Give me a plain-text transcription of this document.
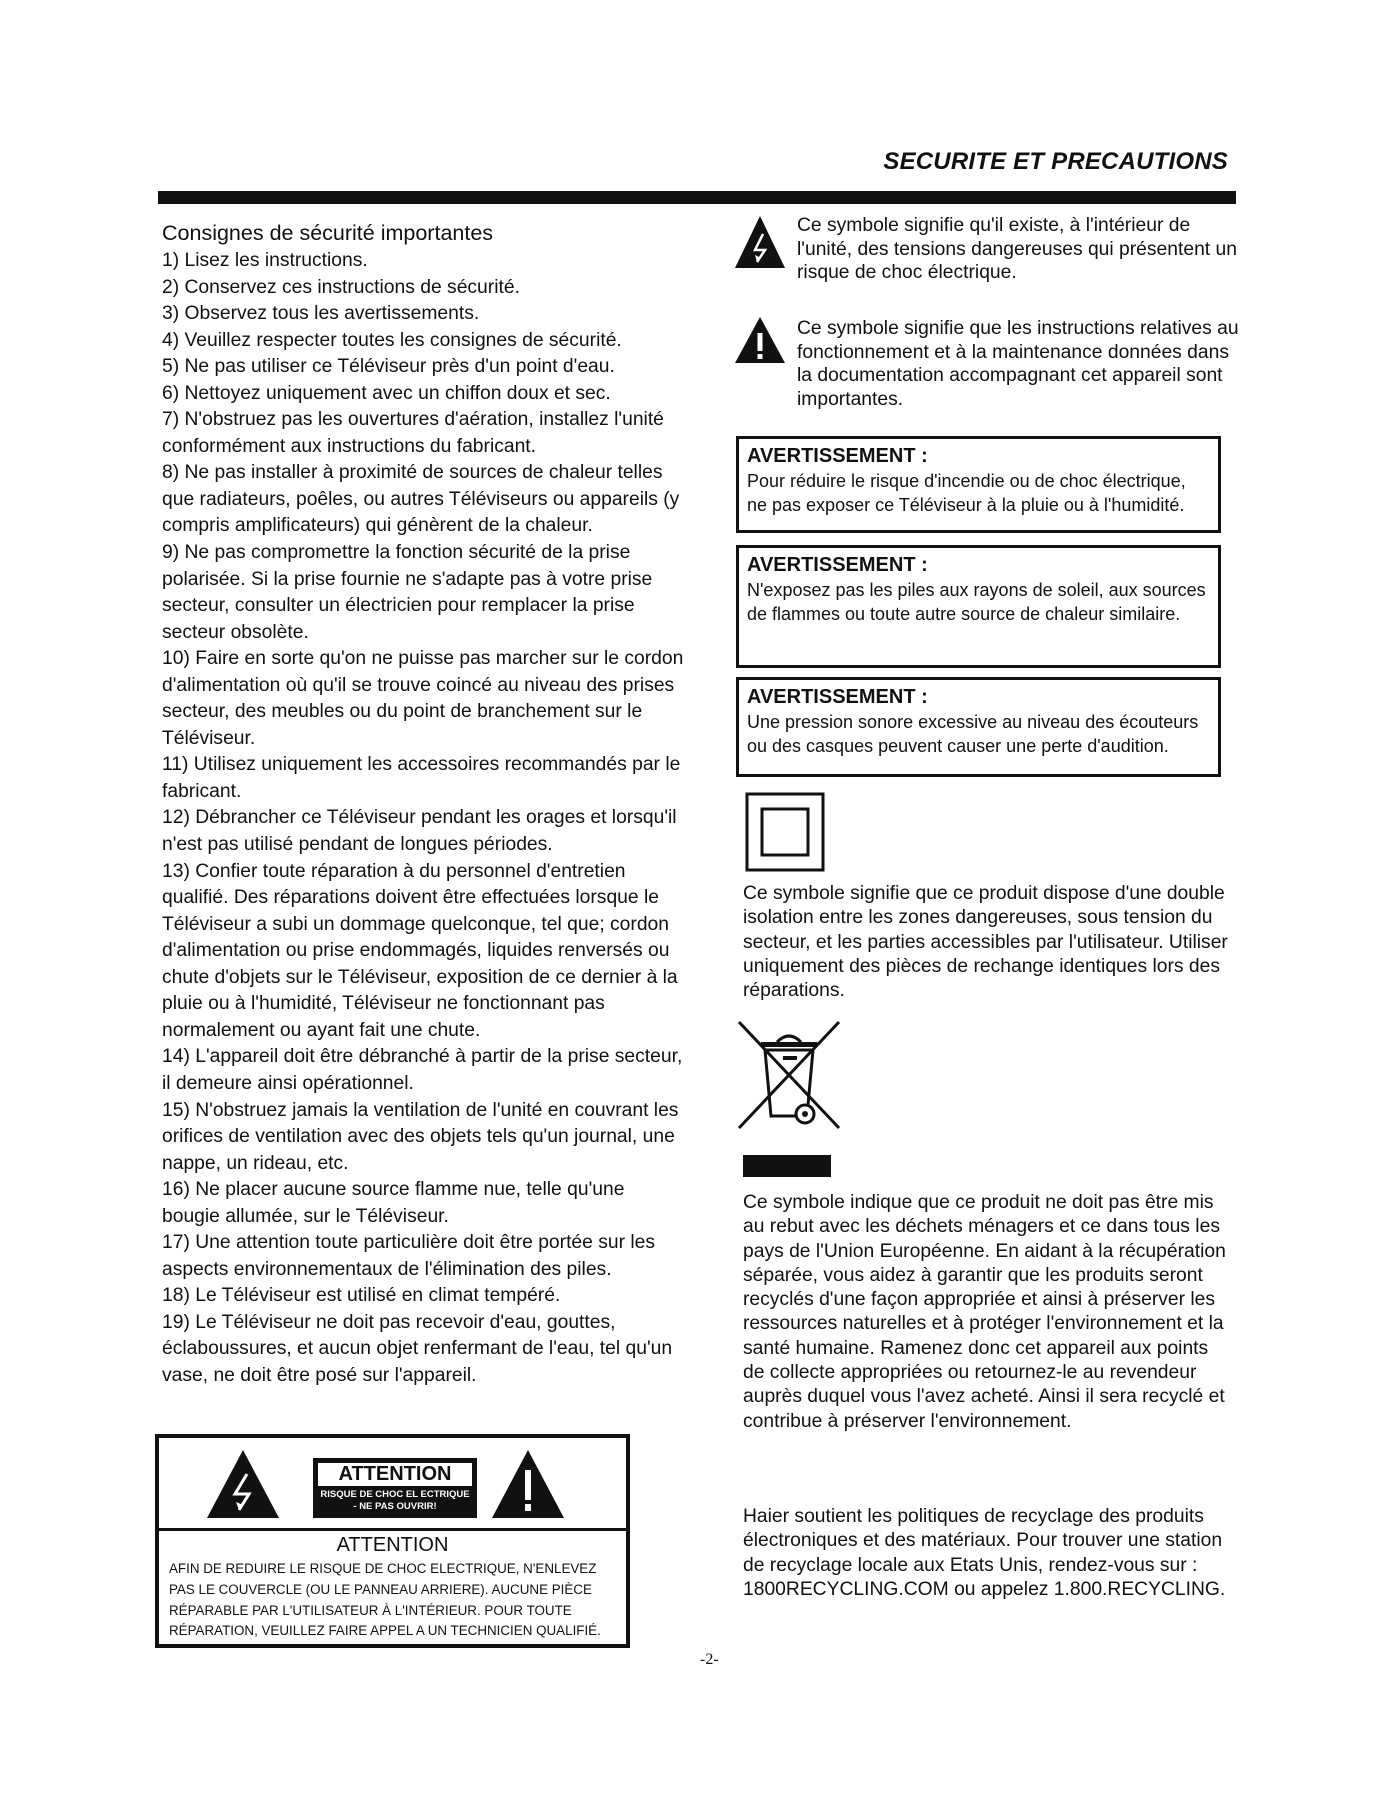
SECURITE ET PRECAUTIONS
Consignes de sécurité importantes
1) Lisez les instructions.
2) Conservez ces instructions de sécurité.
3) Observez tous les avertissements.
4) Veuillez respecter toutes les consignes de sécurité.
5) Ne pas utiliser ce Téléviseur près d'un point d'eau.
6) Nettoyez uniquement avec un chiffon doux et sec.
7) N'obstruez pas les ouvertures d'aération, installez l'unité conformément aux instructions du fabricant.
8) Ne pas installer à proximité de sources de chaleur telles que radiateurs, poêles, ou autres Téléviseurs ou appareils (y compris amplificateurs) qui génèrent de la chaleur.
9) Ne pas compromettre la fonction sécurité de la prise polarisée. Si la prise fournie ne s'adapte pas à votre prise secteur, consulter un électricien pour remplacer la prise secteur obsolète.
10) Faire en sorte qu'on ne puisse pas marcher sur le cordon d'alimentation où qu'il se trouve coincé au niveau des prises secteur, des meubles ou du point de branchement sur le Téléviseur.
11) Utilisez uniquement les accessoires recommandés par le fabricant.
12) Débrancher ce Téléviseur pendant les orages et lorsqu'il n'est pas utilisé pendant de longues périodes.
13) Confier toute réparation à du personnel d'entretien qualifié. Des réparations doivent être effectuées lorsque le Téléviseur a subi un dommage quelconque, tel que; cordon d'alimentation ou prise endommagés, liquides renversés ou chute d'objets sur le Téléviseur, exposition de ce dernier à la pluie ou à l'humidité, Téléviseur ne fonctionnant pas normalement ou ayant fait une chute.
14) L'appareil doit être débranché à partir de la prise secteur, il demeure ainsi opérationnel.
15) N'obstruez jamais la ventilation de l'unité en couvrant les orifices de ventilation avec des objets tels qu'un journal, une nappe, un rideau, etc.
16) Ne placer aucune source flamme nue, telle qu'une bougie allumée, sur le Téléviseur.
17) Une attention toute particulière doit être portée sur les aspects environnementaux de l'élimination des piles.
18) Le Téléviseur est utilisé en climat tempéré.
19) Le Téléviseur ne doit pas recevoir d'eau, gouttes, éclaboussures, et aucun objet renfermant de l'eau, tel qu'un vase, ne doit être posé sur l'appareil.
ATTENTION
RISQUE DE CHOC EL ECTRIQUE - NE PAS OUVRIR!
ATTENTION
AFIN DE REDUIRE LE RISQUE DE CHOC ELECTRIQUE, N'ENLEVEZ PAS LE COUVERCLE (OU LE PANNEAU ARRIERE). AUCUNE PIÈCE RÉPARABLE PAR L'UTILISATEUR À L'INTÉRIEUR. POUR TOUTE RÉPARATION, VEUILLEZ FAIRE APPEL A UN TECHNICIEN QUALIFIÉ.
Ce symbole signifie qu'il existe, à l'intérieur de l'unité, des tensions dangereuses qui présentent un risque de choc électrique.
Ce symbole signifie que les instructions relatives au fonctionnement et à la maintenance données dans la documentation accompagnant cet appareil sont importantes.
AVERTISSEMENT :
Pour réduire le risque d'incendie ou de choc électrique, ne pas exposer ce Téléviseur à la pluie ou à l'humidité.
AVERTISSEMENT :
N'exposez pas les piles aux rayons de soleil, aux sources de flammes ou toute autre source de chaleur similaire.
AVERTISSEMENT :
Une pression sonore excessive au niveau des écouteurs ou des casques peuvent causer une perte d'audition.
Ce symbole signifie que ce produit dispose d'une double isolation entre les zones dangereuses, sous tension du secteur, et les parties accessibles par l'utilisateur. Utiliser uniquement des pièces de rechange identiques lors des réparations.
Ce symbole indique que ce produit ne doit pas être mis au rebut avec les déchets ménagers et ce dans tous les pays de l'Union Européenne. En aidant à la récupération séparée, vous aidez à garantir que les produits seront recyclés d'une façon appropriée et ainsi à préserver les ressources naturelles et à protéger l'environnement et la santé humaine. Ramenez donc cet appareil aux points de collecte appropriées ou retournez-le au revendeur auprès duquel vous l'avez acheté. Ainsi il sera recyclé et contribue à préserver l'environnement.
Haier soutient les politiques de recyclage des produits électroniques et des matériaux. Pour trouver une station de recyclage locale aux Etats Unis, rendez-vous sur : 1800RECYCLING.COM ou appelez 1.800.RECYCLING.
-2-
